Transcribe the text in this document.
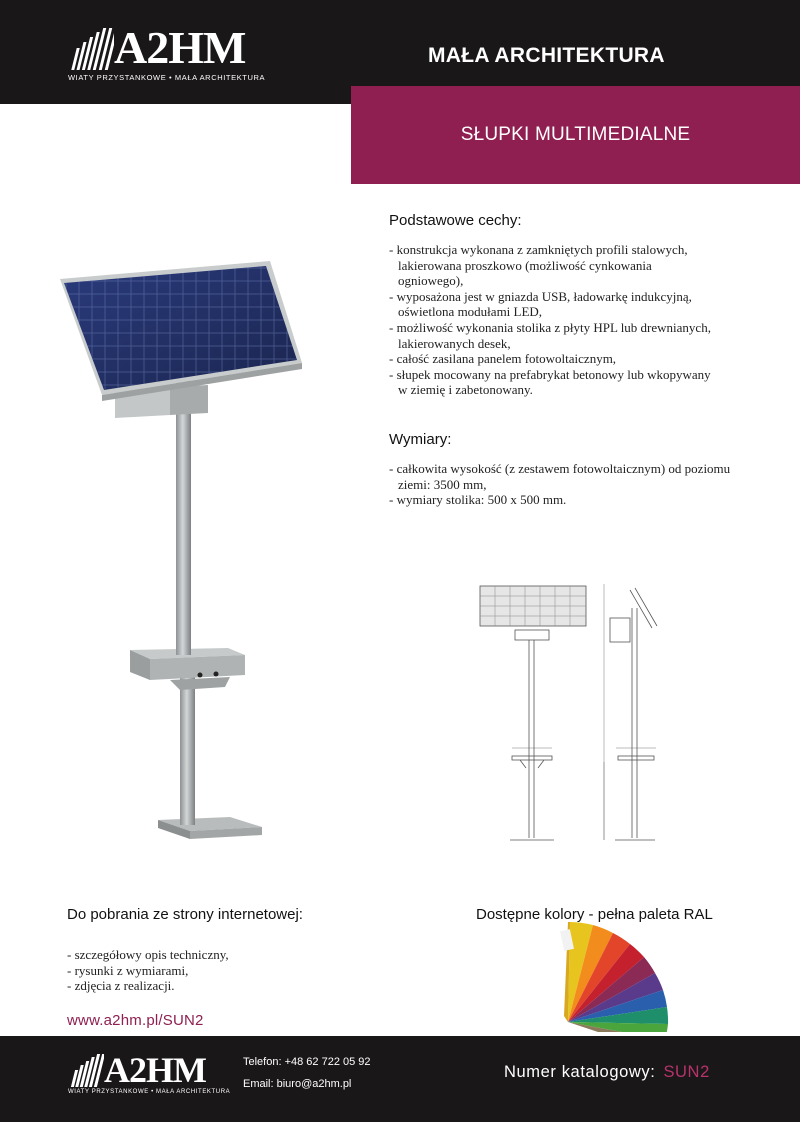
A2HM
WIATY PRZYSTANKOWE • MAŁA ARCHITEKTURA
MAŁA ARCHITEKTURA
SŁUPKI MULTIMEDIALNE
Podstawowe cechy:
- konstrukcja wykonana z zamkniętych profili stalowych, lakierowana proszkowo (możliwość cynkowania ogniowego),
- wyposażona jest w gniazda USB, ładowarkę indukcyjną, oświetlona modułami LED,
- możliwość wykonania stolika z płyty HPL lub drewnianych, lakierowanych desek,
- całość zasilana panelem fotowoltaicznym,
- słupek mocowany na prefabrykat betonowy lub wkopywany w ziemię i zabetonowany.
Wymiary:
- całkowita wysokość (z zestawem fotowoltaicznym) od poziomu ziemi: 3500 mm,
- wymiary stolika: 500 x 500 mm.
Do pobrania ze strony internetowej:
- szczegółowy opis techniczny,
- rysunki z wymiarami,
- zdjęcia z realizacji.
www.a2hm.pl/SUN2
Dostępne kolory - pełna paleta RAL
A2HM
WIATY PRZYSTANKOWE • MAŁA ARCHITEKTURA
Telefon: +48 62 722 05 92
Email: biuro@a2hm.pl
Numer katalogowy: SUN2
